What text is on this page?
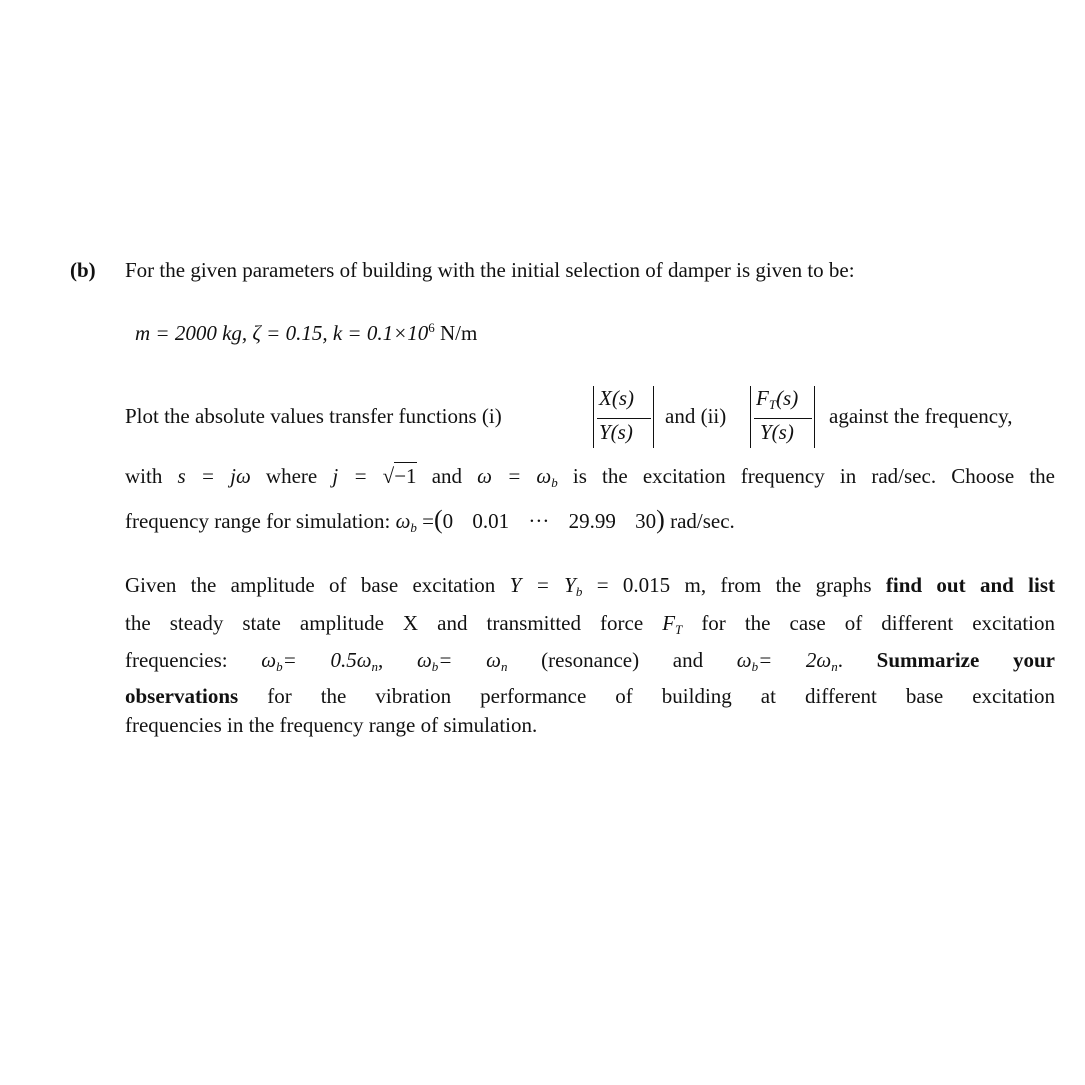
(b) For the given parameters of building with the initial selection of damper is given to be:
m = 2000 kg, ζ = 0.15, $k = 0.1\times 10^6$ N/m
Plot the absolute values transfer functions (i)
X(s)
Y(s)
and (ii)
$F_T(s)$
Y(s)
against the frequency,
with s = jω where j = √−1 and $\omega = \omega_b$ is the excitation frequency in rad/sec. Choose the
frequency range for simulation: $\omega_b =(0$ 0.01 ··· 29.99 30) rad/sec.
Given the amplitude of base excitation $Y = Y_b = 0.015$ m, from the graphs find out and list
the steady state amplitude X and transmitted force $F_T$ for the case of different excitation
frequencies: $\omega_b= 0.5\omega_n$, $\omega_b= \omega_n$ (resonance) and $\omega_b= 2\omega_n$. Summarize your
observations for the vibration performance of building at different base excitation
frequencies in the frequency range of simulation.
